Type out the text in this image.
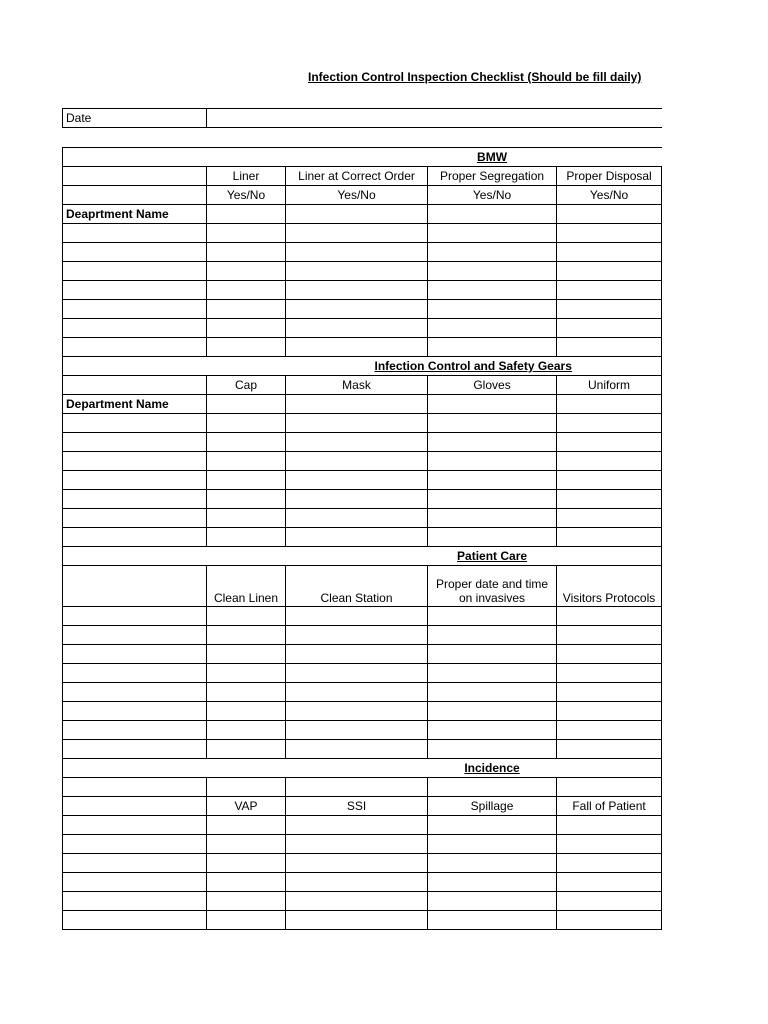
Infection Control Inspection Checklist (Should be fill daily)
Date	
			BMW	
	Liner	Liner at Correct Order	Proper Segregation	Proper Disposal
	Yes/No	Yes/No	Yes/No	Yes/No
Deaprtment Name				

		Infection Control and Safety Gears		
	Cap	Mask	Gloves	Uniform
Department Name				

			Patient Care	
	Clean Linen	Clean Station	Proper date and time on invasives	Visitors Protocols

			Incidence	

	VAP	SSI	Spillage	Fall of Patient
